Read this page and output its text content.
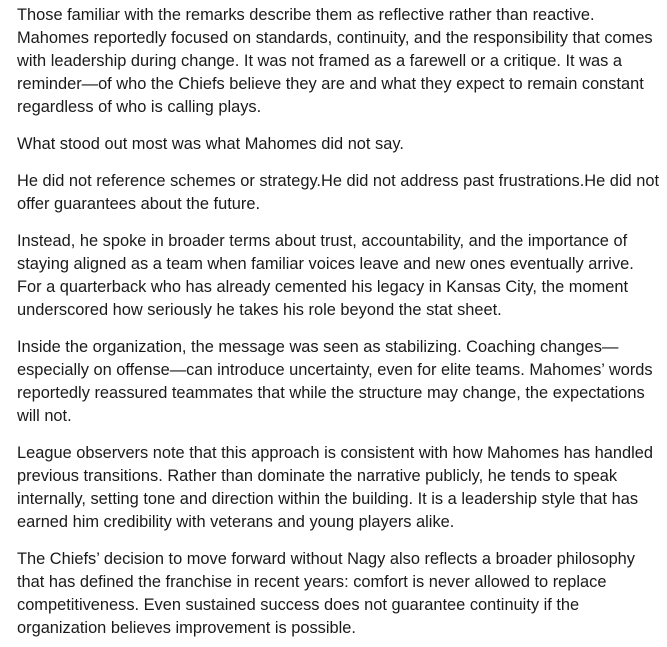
Those familiar with the remarks describe them as reflective rather than reactive. Mahomes reportedly focused on standards, continuity, and the responsibility that comes with leadership during change. It was not framed as a farewell or a critique. It was a reminder—of who the Chiefs believe they are and what they expect to remain constant regardless of who is calling plays.

What stood out most was what Mahomes did not say.

He did not reference schemes or strategy.He did not address past frustrations.He did not offer guarantees about the future.

Instead, he spoke in broader terms about trust, accountability, and the importance of staying aligned as a team when familiar voices leave and new ones eventually arrive. For a quarterback who has already cemented his legacy in Kansas City, the moment underscored how seriously he takes his role beyond the stat sheet.

Inside the organization, the message was seen as stabilizing. Coaching changes—especially on offense—can introduce uncertainty, even for elite teams. Mahomes’ words reportedly reassured teammates that while the structure may change, the expectations will not.

League observers note that this approach is consistent with how Mahomes has handled previous transitions. Rather than dominate the narrative publicly, he tends to speak internally, setting tone and direction within the building. It is a leadership style that has earned him credibility with veterans and young players alike.

The Chiefs’ decision to move forward without Nagy also reflects a broader philosophy that has defined the franchise in recent years: comfort is never allowed to replace competitiveness. Even sustained success does not guarantee continuity if the organization believes improvement is possible.
